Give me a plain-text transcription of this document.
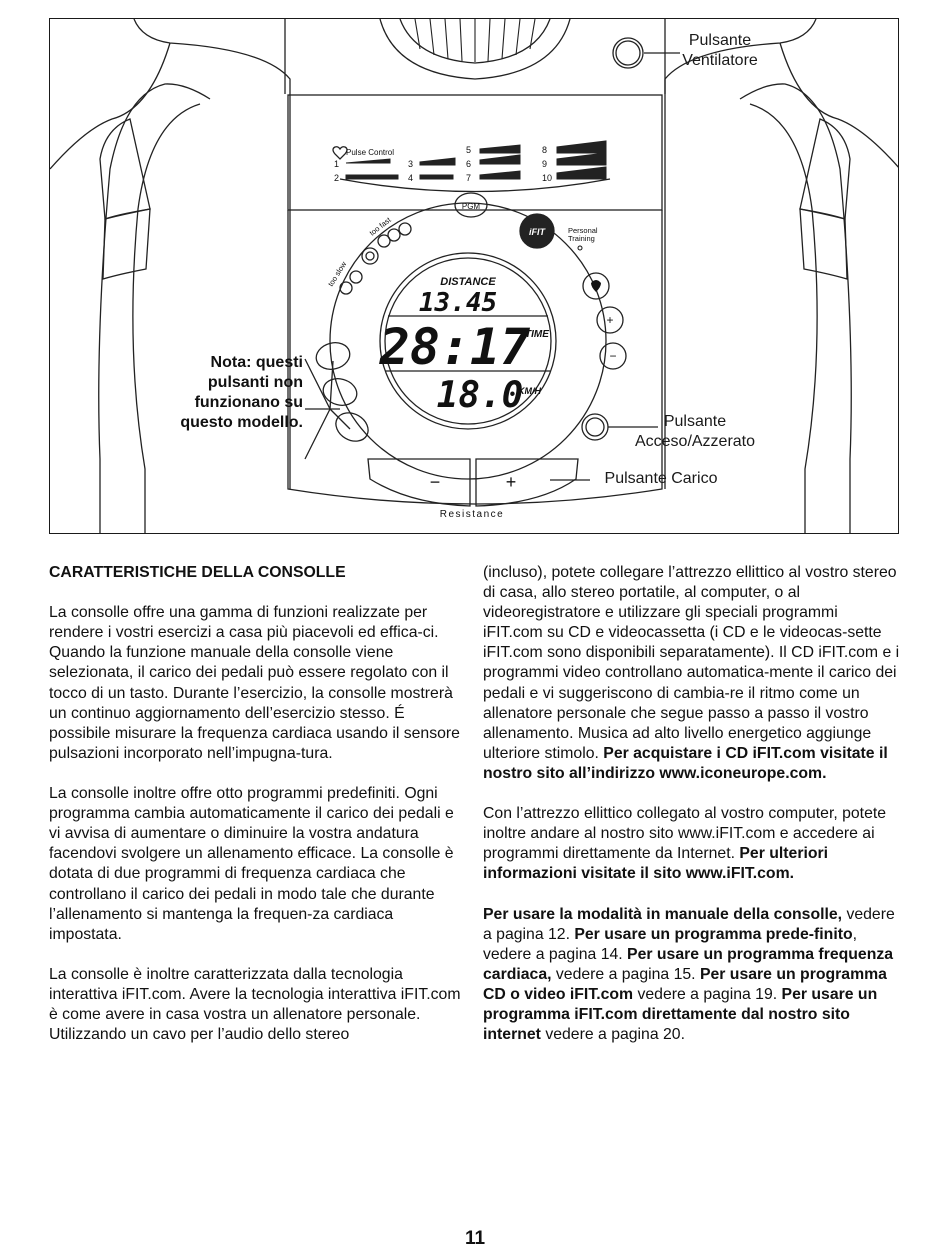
Pulse Control
1
2
3
4
5
6
7
8
9
10
PGM
iFIT	Personal
Training
too slow
too fast
DISTANCE
13.45
28:17
TIME
18.0
KM/H
+
−
−	+
Resistance
Pulsante
Ventilatore
Pulsante
Acceso/Azzerato
Pulsante Carico
Nota: questi
pulsanti non
funzionano su
questo modello.
CARATTERISTICHE DELLA CONSOLLE

La consolle offre una gamma di funzioni realizzate per rendere i vostri esercizi a casa più piacevoli ed effica-ci. Quando la funzione manuale della consolle viene selezionata, il carico dei pedali può essere regolato con il tocco di un tasto. Durante l’esercizio, la consolle mostrerà un continuo aggiornamento dell’esercizio stesso. É possibile misurare la frequenza cardiaca usando il sensore pulsazioni incorporato nell’impugna-tura.

La consolle inoltre offre otto programmi predefiniti. Ogni programma cambia automaticamente il carico dei pedali e vi avvisa di aumentare o diminuire la vostra andatura facendovi svolgere un allenamento efficace. La consolle è dotata di due programmi di frequenza cardiaca che controllano il carico dei pedali in modo tale che durante l’allenamento si mantenga la frequen-za cardiaca impostata.

La consolle è inoltre caratterizzata dalla tecnologia interattiva iFIT.com. Avere la tecnologia interattiva iFIT.com è come avere in casa vostra un allenatore personale. Utilizzando un cavo per l’audio dello stereo

(incluso), potete collegare l’attrezzo ellittico al vostro stereo di casa, allo stereo portatile, al computer, o al videoregistratore e utilizzare gli speciali programmi iFIT.com su CD e videocassetta (i CD e le videocas-sette iFIT.com sono disponibili separatamente). Il CD iFIT.com e i programmi video controllano automatica-mente il carico dei pedali e vi suggeriscono di cambia-re il ritmo come un allenatore personale che segue passo a passo il vostro allenamento. Musica ad alto livello energetico aggiunge ulteriore stimolo. Per acquistare i CD iFIT.com visitate il nostro sito all’indirizzo www.iconeurope.com.

Con l’attrezzo ellittico collegato al vostro computer, potete inoltre andare al nostro sito www.iFIT.com e accedere ai programmi direttamente da Internet. Per ulteriori informazioni visitate il sito www.iFIT.com.

Per usare la modalità in manuale della consolle, vedere a pagina 12. Per usare un programma prede-finito, vedere a pagina 14. Per usare un programma frequenza cardiaca, vedere a pagina 15. Per usare un programma CD o video iFIT.com vedere a pagina 19. Per usare un programma iFIT.com direttamente dal nostro sito internet vedere a pagina 20.

11
